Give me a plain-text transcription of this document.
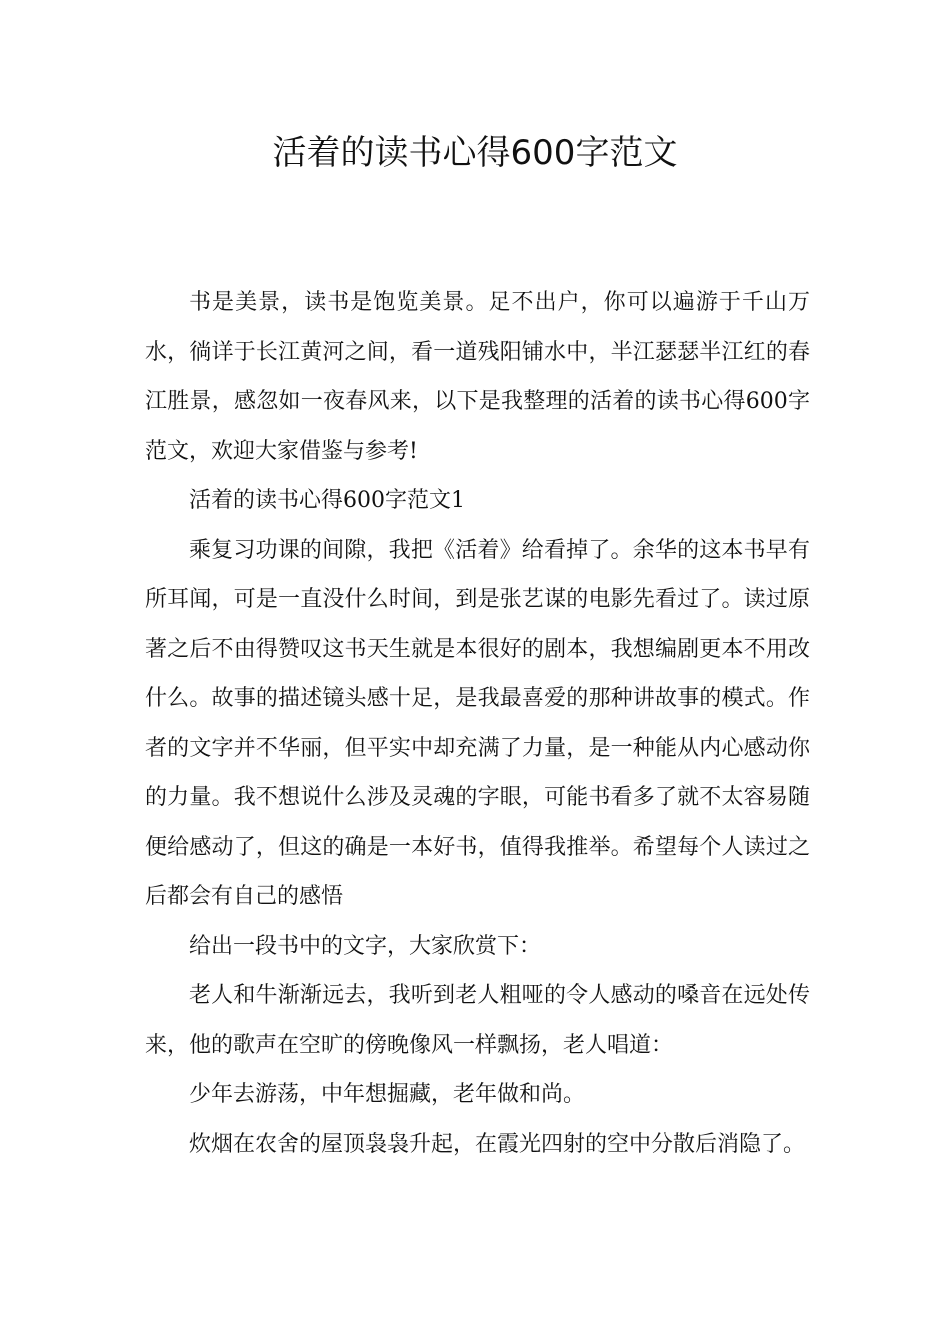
活着的读书心得600字范文

书是美景，读书是饱览美景。足不出户，你可以遍游于千山万水，徜详于长江黄河之间，看一道残阳铺水中，半江瑟瑟半江红的春江胜景，感忽如一夜春风来，以下是我整理的活着的读书心得600字范文，欢迎大家借鉴与参考!

活着的读书心得600字范文1

乘复习功课的间隙，我把《活着》给看掉了。余华的这本书早有所耳闻，可是一直没什么时间，到是张艺谋的电影先看过了。读过原著之后不由得赞叹这书天生就是本很好的剧本，我想编剧更本不用改什么。故事的描述镜头感十足，是我最喜爱的那种讲故事的模式。作者的文字并不华丽，但平实中却充满了力量，是一种能从内心感动你的力量。我不想说什么涉及灵魂的字眼，可能书看多了就不太容易随便给感动了，但这的确是一本好书，值得我推举。希望每个人读过之后都会有自己的感悟

给出一段书中的文字，大家欣赏下：

老人和牛渐渐远去，我听到老人粗哑的令人感动的嗓音在远处传来，他的歌声在空旷的傍晚像风一样飘扬，老人唱道：

少年去游荡，中年想掘藏，老年做和尚。

炊烟在农舍的屋顶袅袅升起，在霞光四射的空中分散后消隐了。
